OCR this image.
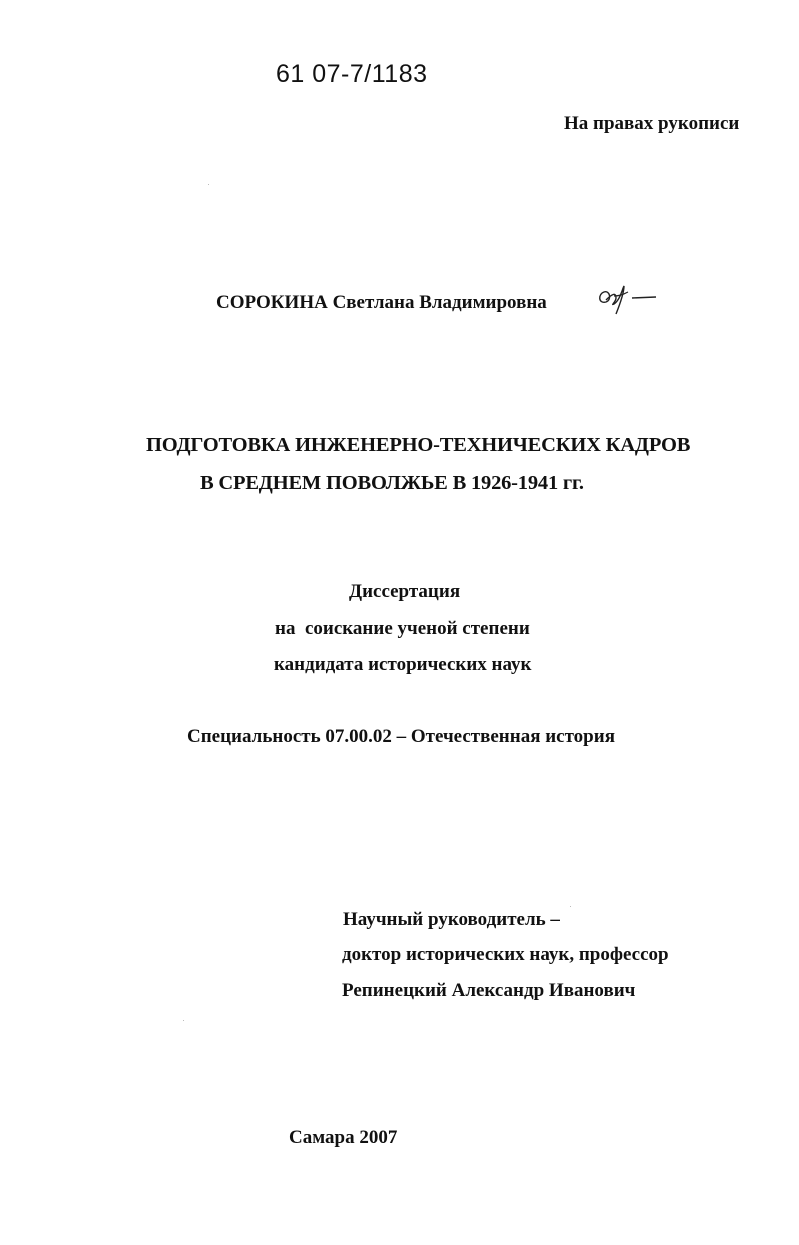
61 07-7/1183
На правах рукописи
СОРОКИНА Светлана Владимировна
ПОДГОТОВКА ИНЖЕНЕРНО-ТЕХНИЧЕСКИХ КАДРОВ
В СРЕДНЕМ ПОВОЛЖЬЕ В 1926-1941 гг.
Диссертация
на  соискание ученой степени
кандидата исторических наук
Специальность 07.00.02 – Отечественная история
Научный руководитель –
доктор исторических наук, профессор
Репинецкий Александр Иванович
Самара 2007
